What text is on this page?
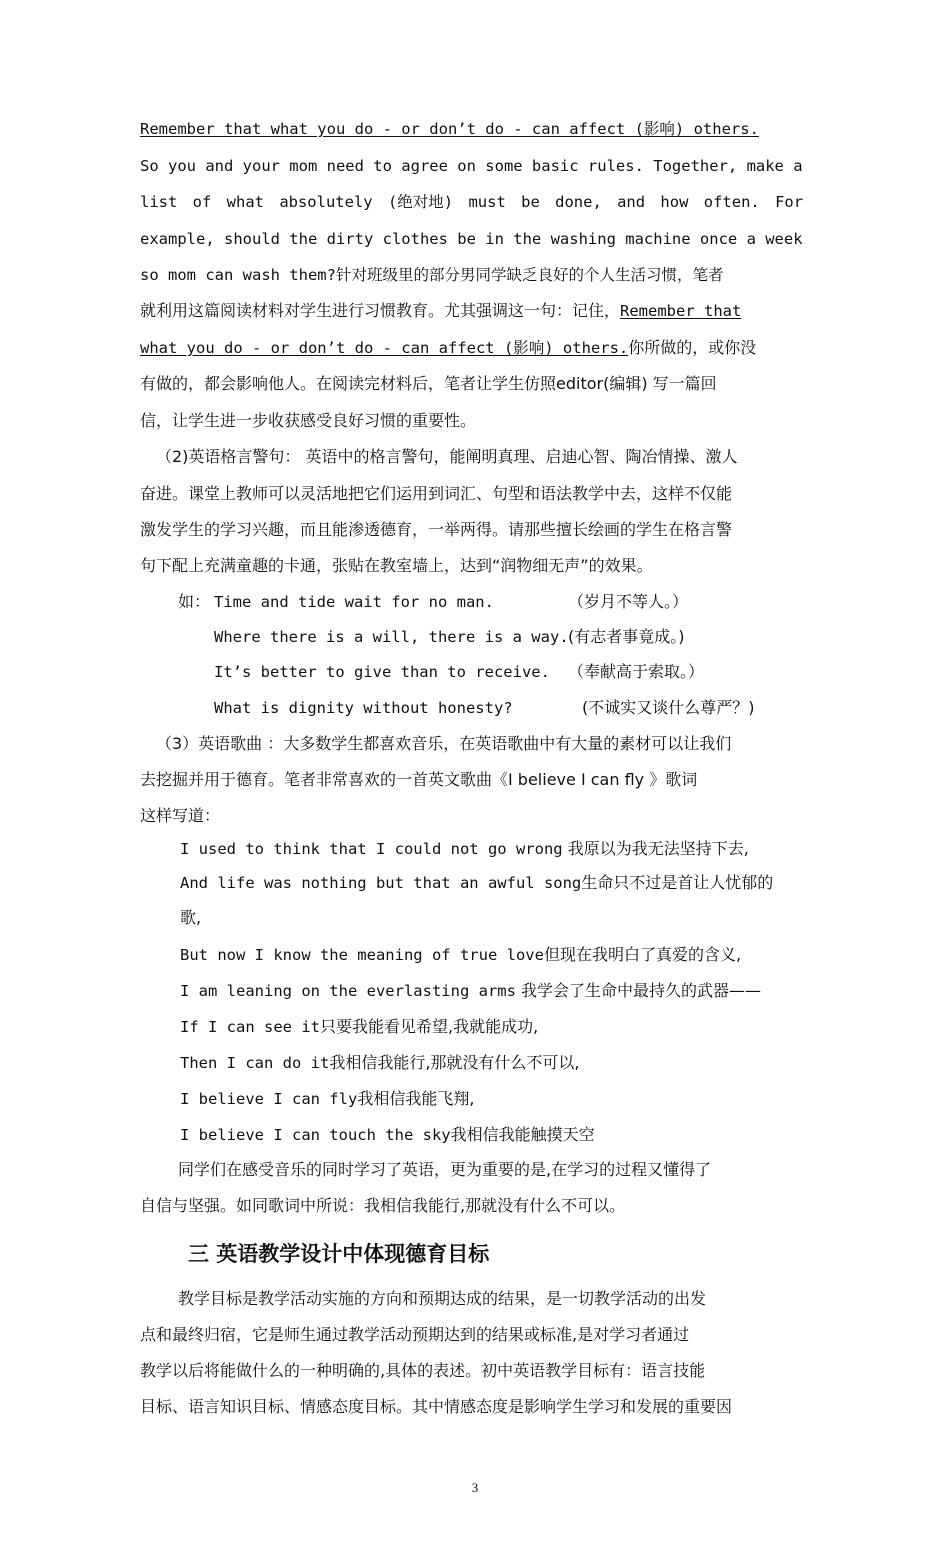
Remember that what you do - or don’t do - can affect (影响) others.
So you and your mom need to agree on some basic rules. Together, make a
list of what absolutely (绝对地) must be done, and how often. For
example, should the dirty clothes be in the washing machine once a week
so mom can wash them?针对班级里的部分男同学缺乏良好的个人生活习惯，笔者
就利用这篇阅读材料对学生进行习惯教育。尤其强调这一句：记住，Remember that
what you do - or don’t do - can affect (影响) others.你所做的，或你没
有做的，都会影响他人。在阅读完材料后，笔者让学生仿照editor(编辑) 写一篇回
信，让学生进一步收获感受良好习惯的重要性。
（2)英语格言警句： 英语中的格言警句，能阐明真理、启迪心智、陶冶情操、激人
奋进。课堂上教师可以灵活地把它们运用到词汇、句型和语法教学中去，这样不仅能
激发学生的学习兴趣，而且能渗透德育，一举两得。请那些擅长绘画的学生在格言警
句下配上充满童趣的卡通，张贴在教室墙上，达到“润物细无声”的效果。
如： Time and tide wait for no man.	（岁月不等人。）
Where there is a will, there is a way. (有志者事竟成。)
It’s better to give than to receive. （奉献高于索取。）
What is dignity without honesty?	(不诚实又谈什么尊严？)
（3）英语歌曲 ：大多数学生都喜欢音乐，在英语歌曲中有大量的素材可以让我们
去挖掘并用于德育。笔者非常喜欢的一首英文歌曲《I believe I can fly 》歌词
这样写道：
I used to think that I could not go wrong 我原以为我无法坚持下去,
And life was nothing but that an awful song生命只不过是首让人忧郁的
歌,
But now I know the meaning of true love但现在我明白了真爱的含义,
I am leaning on the everlasting arms 我学会了生命中最持久的武器——
If I can see it只要我能看见希望,我就能成功,
Then I can do it我相信我能行,那就没有什么不可以,
I believe I can fly我相信我能飞翔,
I believe I can touch the sky我相信我能触摸天空
同学们在感受音乐的同时学习了英语，更为重要的是,在学习的过程又懂得了
自信与坚强。如同歌词中所说：我相信我能行,那就没有什么不可以。
三 英语教学设计中体现德育目标
教学目标是教学活动实施的方向和预期达成的结果，是一切教学活动的出发
点和最终归宿，它是师生通过教学活动预期达到的结果或标准,是对学习者通过
教学以后将能做什么的一种明确的,具体的表述。初中英语教学目标有：语言技能
目标、语言知识目标、情感态度目标。其中情感态度是影响学生学习和发展的重要因
3
